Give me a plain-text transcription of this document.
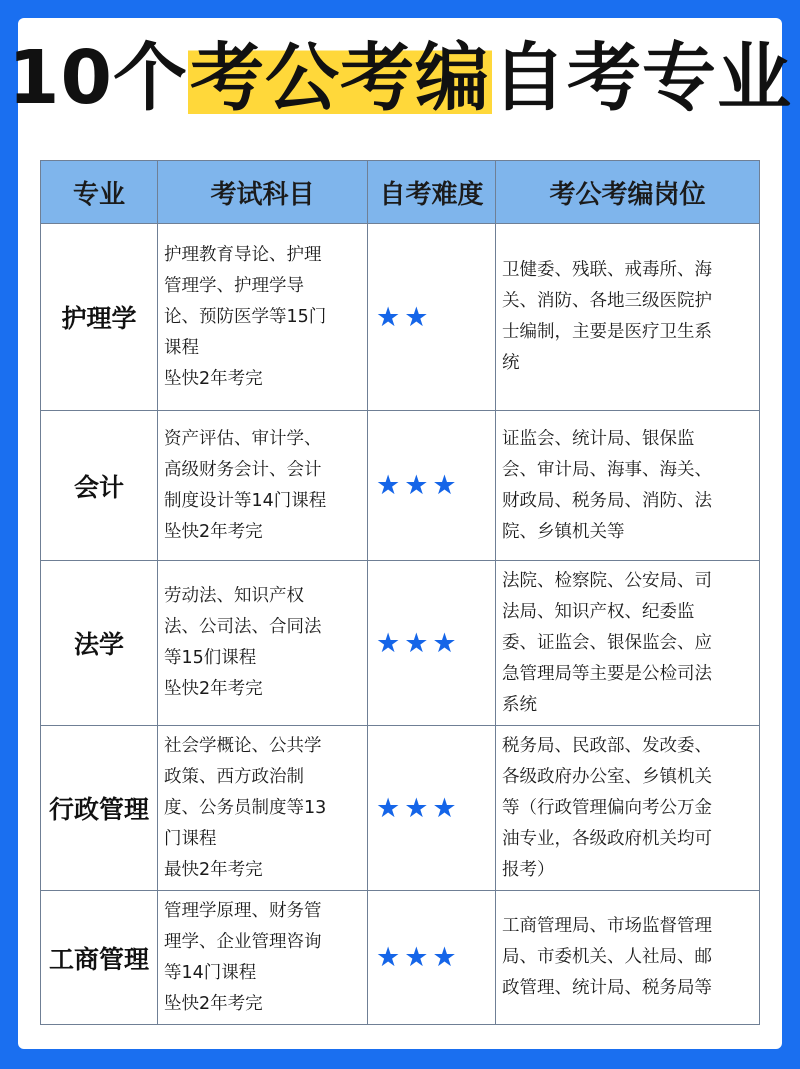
10个考公考编自考专业
专业	考试科目	自考难度	考公考编岗位
护理学	护理教育导论、护理
管理学、护理学导
论、预防医学等15门
课程
坠快2年考完	★★	卫健委、残联、戒毒所、海
关、消防、各地三级医院护
士编制，主要是医疗卫生系
统

会计	资产评估、审计学、
高级财务会计、会计
制度设计等14门课程
坠快2年考完	★★★	证监会、统计局、银保监
会、审计局、海事、海关、
财政局、税务局、消防、法
院、乡镇机关等

法学	劳动法、知识产权
法、公司法、合同法
等15们课程
坠快2年考完	★★★	法院、检察院、公安局、司
法局、知识产权、纪委监
委、证监会、银保监会、应
急管理局等主要是公检司法
系统

行政管理	社会学概论、公共学
政策、西方政治制
度、公务员制度等13
门课程
最快2年考完	★★★	税务局、民政部、发改委、
各级政府办公室、乡镇机关
等（行政管理偏向考公万金
油专业，各级政府机关均可
报考）

工商管理	管理学原理、财务管
理学、企业管理咨询
等14门课程
坠快2年考完	★★★	工商管理局、市场监督管理
局、市委机关、人社局、邮
政管理、统计局、税务局等
